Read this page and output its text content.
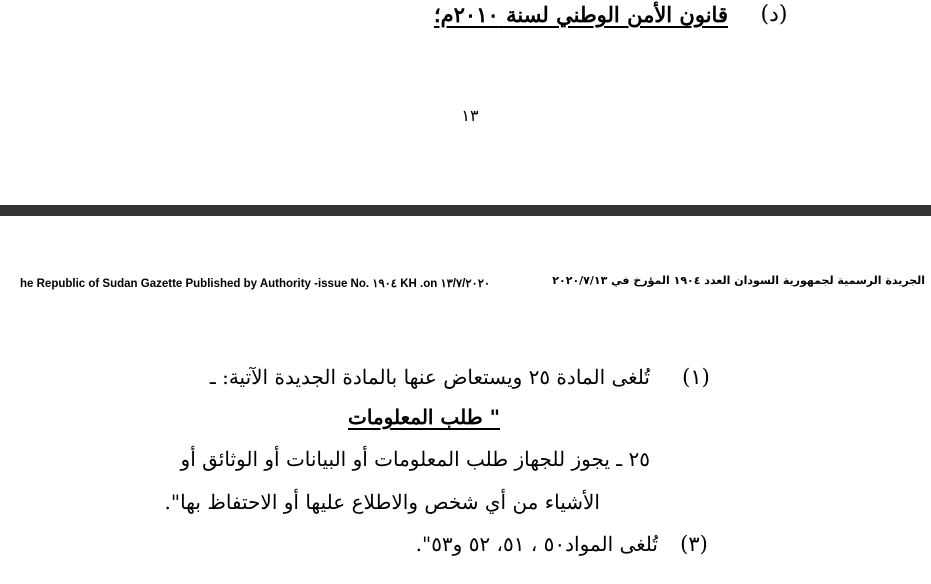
(د)
قانون الأمن الوطني لسنة ٢٠١٠م؛
١٣
he Republic of Sudan Gazette Published by Authority -issue No. ١٩٠٤ KH .on ١٣/٧/٢٠٢٠	الجريدة الرسمية لجمهورية السودان العدد ١٩٠٤ المؤرخ في ٢٠٢٠/٧/١٣
(١)
تُلغى المادة ٢٥ ويستعاض عنها بالمادة الجديدة الآتية: ـ
" طلب المعلومات
٢٥ ـ يجوز للجهاز طلب المعلومات أو البيانات أو الوثائق أو
الأشياء من أي شخص والاطلاع عليها أو الاحتفاظ بها".
(٣)
تُلغى المواد٥٠ ، ٥١، ٥٢ و٥٣".
